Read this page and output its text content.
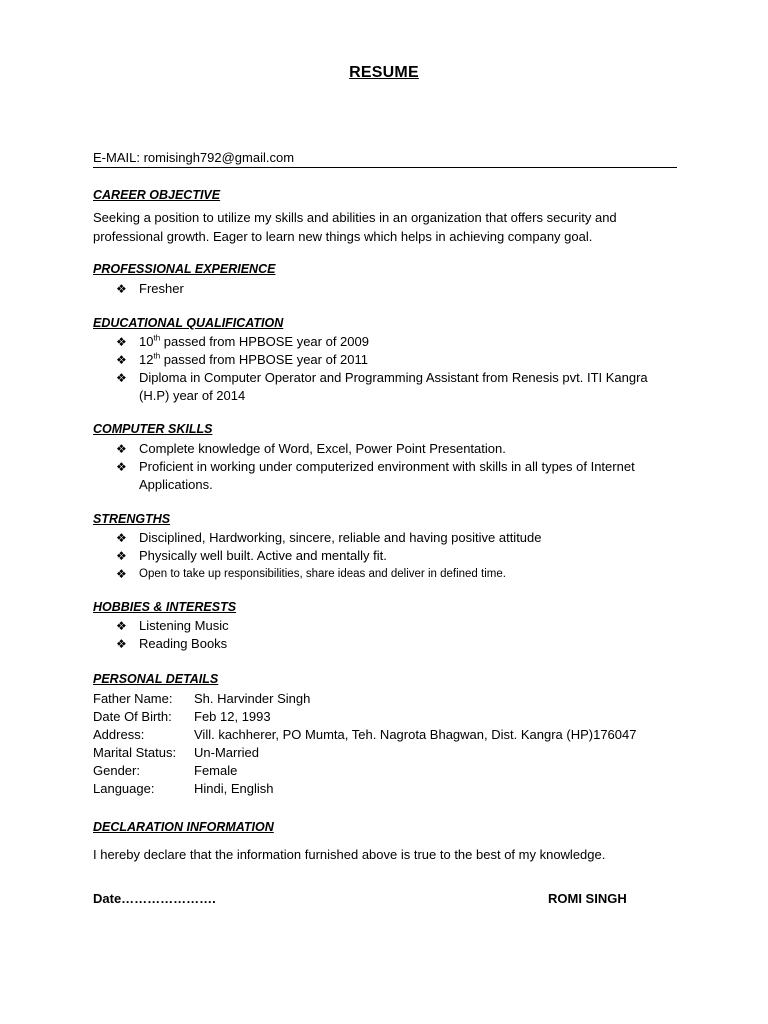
RESUME
E-MAIL: romisingh792@gmail.com
CAREER OBJECTIVE
Seeking a position to utilize my skills and abilities in an organization that offers security and professional growth. Eager to learn new things which helps in achieving company goal.
PROFESSIONAL EXPERIENCE
❖ Fresher
EDUCATIONAL QUALIFICATION
❖ 10th passed from HPBOSE year of 2009
❖ 12th passed from HPBOSE year of 2011
❖ Diploma in Computer Operator and Programming Assistant from Renesis pvt. ITI Kangra (H.P) year of 2014
COMPUTER SKILLS
❖ Complete knowledge of Word, Excel, Power Point Presentation.
❖ Proficient in working under computerized environment with skills in all types of Internet Applications.
STRENGTHS
❖ Disciplined, Hardworking, sincere, reliable and having positive attitude
❖ Physically well built. Active and mentally fit.
❖ Open to take up responsibilities, share ideas and deliver in defined time.
HOBBIES & INTERESTS
❖ Listening Music
❖ Reading Books
PERSONAL DETAILS
Father Name:	Sh. Harvinder Singh
Date Of Birth:	Feb 12, 1993
Address:	Vill. kachherer, PO Mumta, Teh. Nagrota Bhagwan, Dist. Kangra (HP)176047
Marital Status:	Un-Married
Gender:	Female
Language:	Hindi, English
DECLARATION INFORMATION
I hereby declare that the information furnished above is true to the best of my knowledge.
Date………………….	ROMI SINGH
